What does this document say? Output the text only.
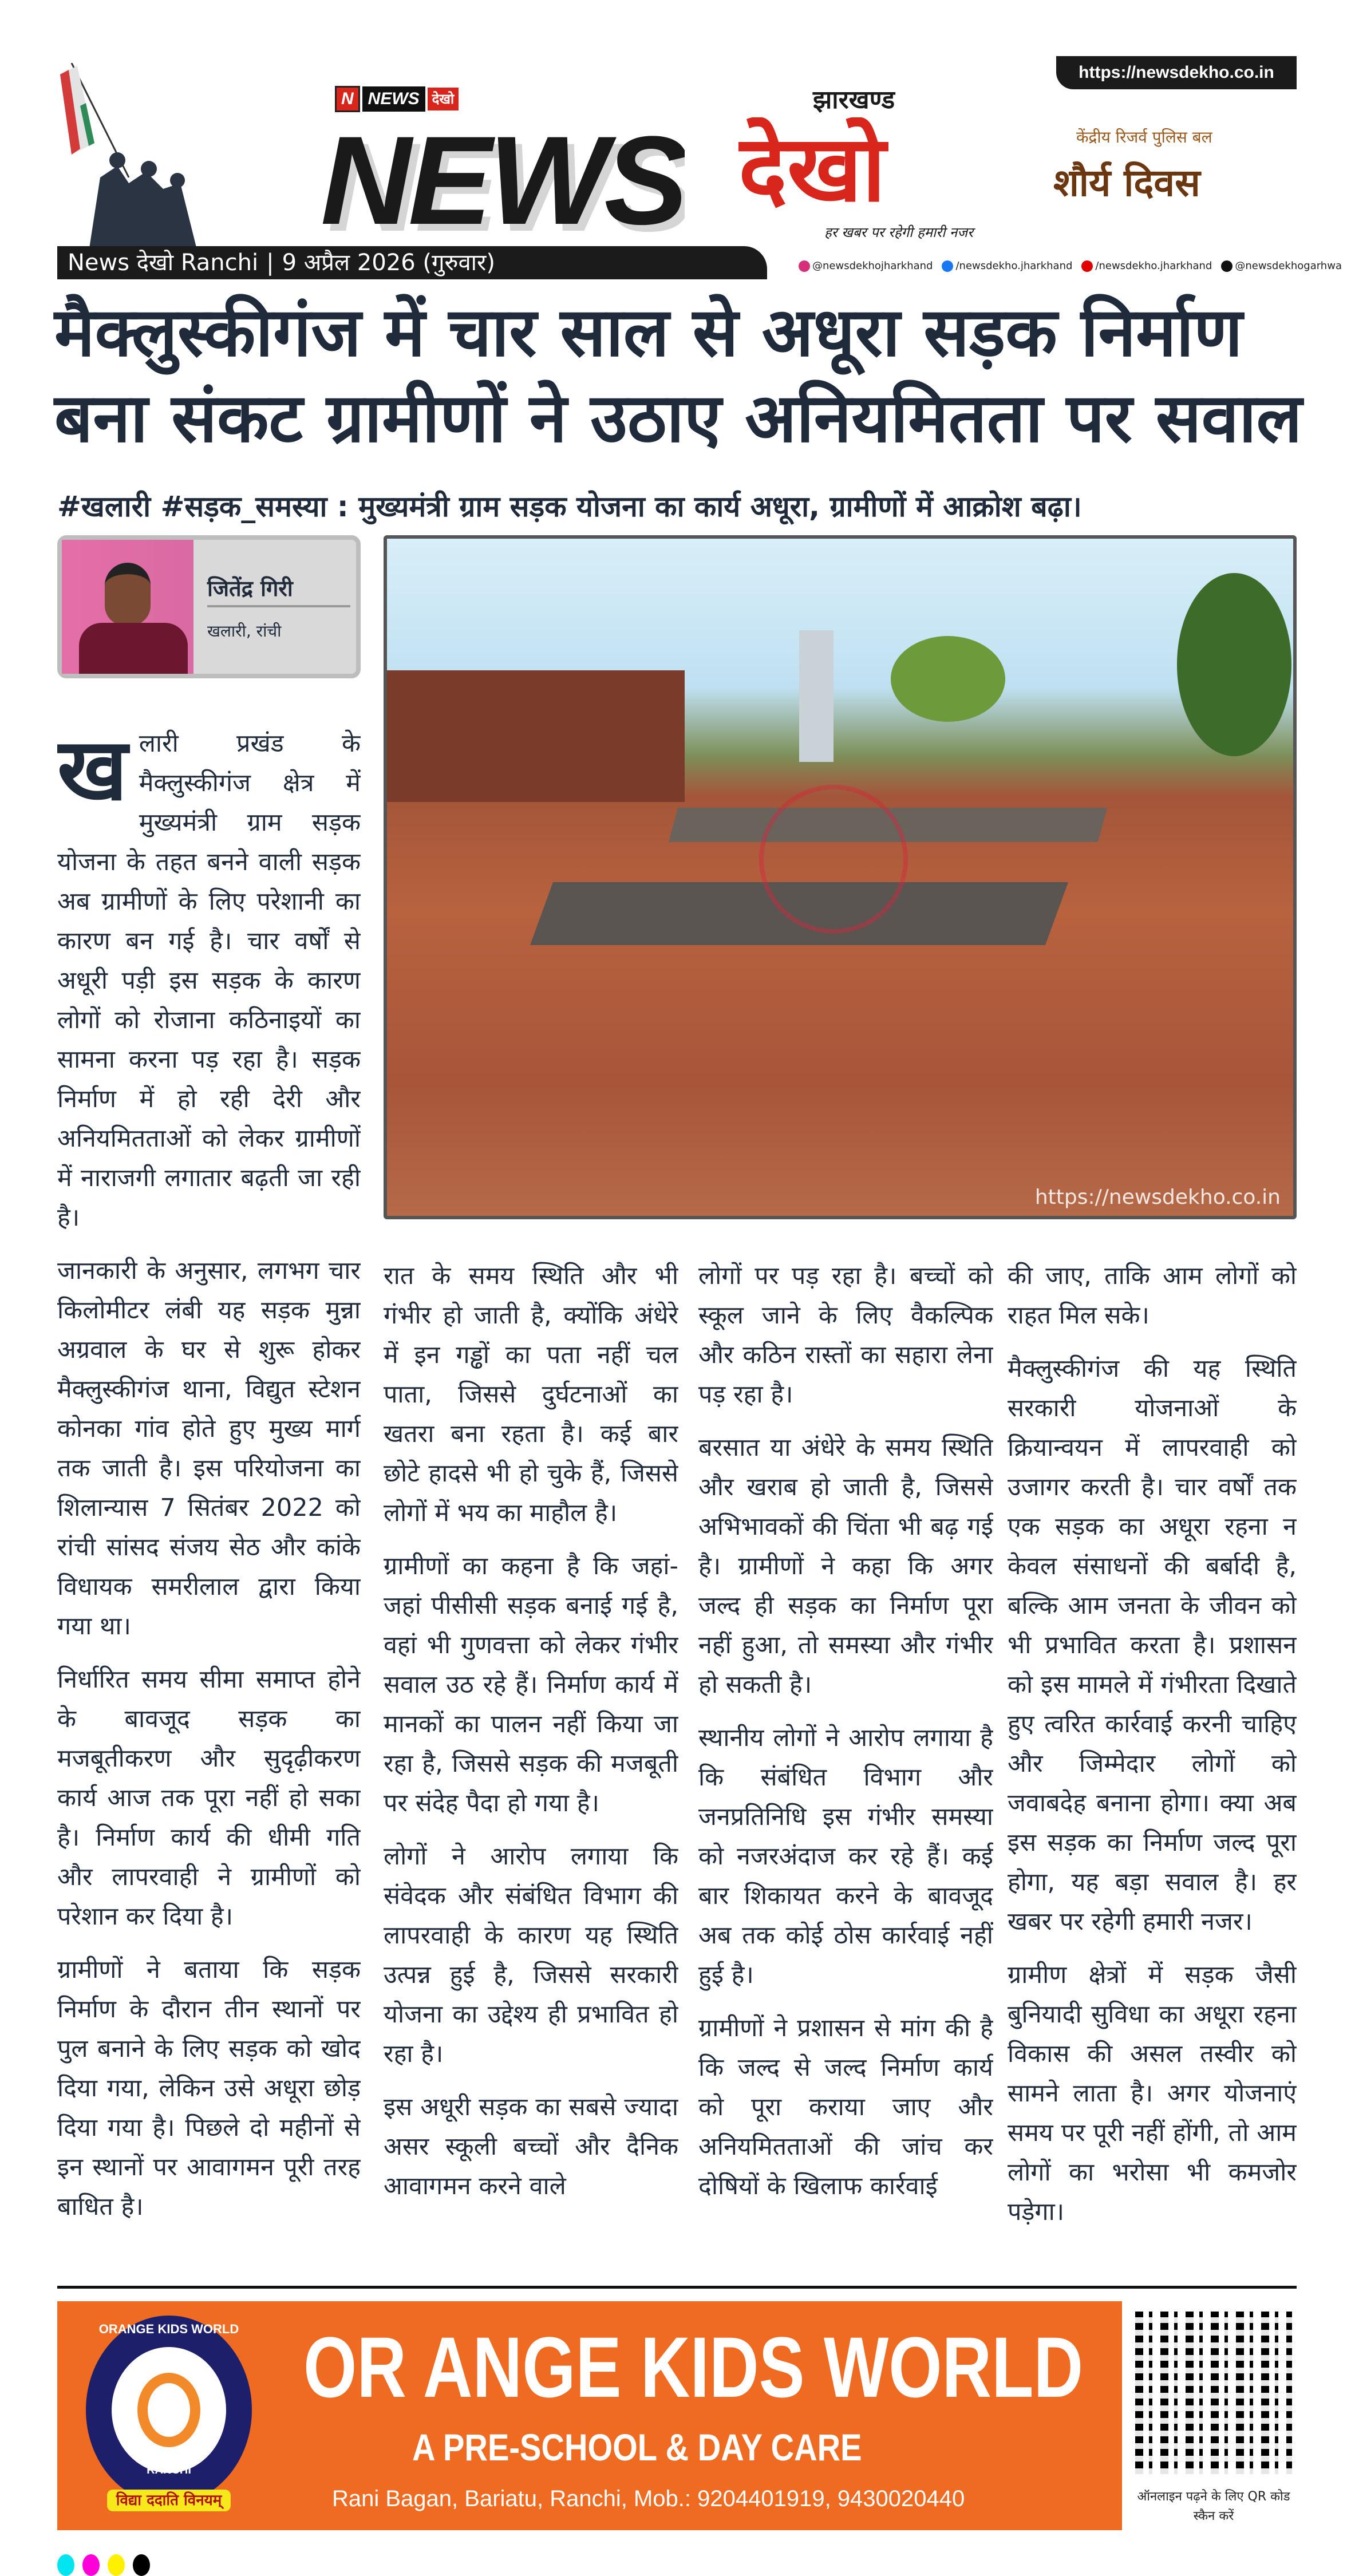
https://newsdekho.co.in
N NEWS देखो
NEWS देखो
झारखण्ड
हर खबर पर रहेगी हमारी नजर
केंद्रीय रिजर्व पुलिस बल
शौर्य दिवस
News देखो Ranchi | 9 अप्रैल 2026 (गुरुवार)	@newsdekhojharkhand	/newsdekho.jharkhand	/newsdekho.jharkhand	@newsdekhogarhwa
मैक्लुस्कीगंज में चार साल से अधूरा सड़क निर्माण
बना संकट ग्रामीणों ने उठाए अनियमितता पर सवाल
#खलारी #सड़क_समस्या : मुख्यमंत्री ग्राम सड़क योजना का कार्य अधूरा, ग्रामीणों में आक्रोश बढ़ा।
जितेंद्र गिरी
खलारी, रांची
https://newsdekho.co.in

खलारी प्रखंड के मैक्लुस्कीगंज क्षेत्र में मुख्यमंत्री ग्राम सड़क योजना के तहत बनने वाली सड़क अब ग्रामीणों के लिए परेशानी का कारण बन गई है। चार वर्षों से अधूरी पड़ी इस सड़क के कारण लोगों को रोजाना कठिनाइयों का सामना करना पड़ रहा है। सड़क निर्माण में हो रही देरी और अनियमितताओं को लेकर ग्रामीणों में नाराजगी लगातार बढ़ती जा रही है।

जानकारी के अनुसार, लगभग चार किलोमीटर लंबी यह सड़क मुन्ना अग्रवाल के घर से शुरू होकर मैक्लुस्कीगंज थाना, विद्युत स्टेशन कोनका गांव होते हुए मुख्य मार्ग तक जाती है। इस परियोजना का शिलान्यास 7 सितंबर 2022 को रांची सांसद संजय सेठ और कांके विधायक समरीलाल द्वारा किया गया था।

निर्धारित समय सीमा समाप्त होने के बावजूद सड़क का मजबूतीकरण और सुदृढ़ीकरण कार्य आज तक पूरा नहीं हो सका है। निर्माण कार्य की धीमी गति और लापरवाही ने ग्रामीणों को परेशान कर दिया है।

ग्रामीणों ने बताया कि सड़क निर्माण के दौरान तीन स्थानों पर पुल बनाने के लिए सड़क को खोद दिया गया, लेकिन उसे अधूरा छोड़ दिया गया है। पिछले दो महीनों से इन स्थानों पर आवागमन पूरी तरह बाधित है।

रात के समय स्थिति और भी गंभीर हो जाती है, क्योंकि अंधेरे में इन गड्ढों का पता नहीं चल पाता, जिससे दुर्घटनाओं का खतरा बना रहता है। कई बार छोटे हादसे भी हो चुके हैं, जिससे लोगों में भय का माहौल है।

ग्रामीणों का कहना है कि जहां-जहां पीसीसी सड़क बनाई गई है, वहां भी गुणवत्ता को लेकर गंभीर सवाल उठ रहे हैं। निर्माण कार्य में मानकों का पालन नहीं किया जा रहा है, जिससे सड़क की मजबूती पर संदेह पैदा हो गया है।

लोगों ने आरोप लगाया कि संवेदक और संबंधित विभाग की लापरवाही के कारण यह स्थिति उत्पन्न हुई है, जिससे सरकारी योजना का उद्देश्य ही प्रभावित हो रहा है।

इस अधूरी सड़क का सबसे ज्यादा असर स्कूली बच्चों और दैनिक आवागमन करने वाले

लोगों पर पड़ रहा है। बच्चों को स्कूल जाने के लिए वैकल्पिक और कठिन रास्तों का सहारा लेना पड़ रहा है।

बरसात या अंधेरे के समय स्थिति और खराब हो जाती है, जिससे अभिभावकों की चिंता भी बढ़ गई है। ग्रामीणों ने कहा कि अगर जल्द ही सड़क का निर्माण पूरा नहीं हुआ, तो समस्या और गंभीर हो सकती है।

स्थानीय लोगों ने आरोप लगाया है कि संबंधित विभाग और जनप्रतिनिधि इस गंभीर समस्या को नजरअंदाज कर रहे हैं। कई बार शिकायत करने के बावजूद अब तक कोई ठोस कार्रवाई नहीं हुई है।

ग्रामीणों ने प्रशासन से मांग की है कि जल्द से जल्द निर्माण कार्य को पूरा कराया जाए और अनियमितताओं की जांच कर दोषियों के खिलाफ कार्रवाई

की जाए, ताकि आम लोगों को राहत मिल सके।

मैक्लुस्कीगंज की यह स्थिति सरकारी योजनाओं के क्रियान्वयन में लापरवाही को उजागर करती है। चार वर्षों तक एक सड़क का अधूरा रहना न केवल संसाधनों की बर्बादी है, बल्कि आम जनता के जीवन को भी प्रभावित करता है। प्रशासन को इस मामले में गंभीरता दिखाते हुए त्वरित कार्रवाई करनी चाहिए और जिम्मेदार लोगों को जवाबदेह बनाना होगा। क्या अब इस सड़क का निर्माण जल्द पूरा होगा, यह बड़ा सवाल है। हर खबर पर रहेगी हमारी नजर।

ग्रामीण क्षेत्रों में सड़क जैसी बुनियादी सुविधा का अधूरा रहना विकास की असल तस्वीर को सामने लाता है। अगर योजनाएं समय पर पूरी नहीं होंगी, तो आम लोगों का भरोसा भी कमजोर पड़ेगा।

ORANGE KIDS WORLD
RANCHI
विद्या ददाति विनयम्
OR ANGE KIDS WORLD
A PRE-SCHOOL & DAY CARE
Rani Bagan, Bariatu, Ranchi, Mob.: 9204401919, 9430020440	ऑनलाइन पढ़ने के लिए QR कोड स्कैन करें
